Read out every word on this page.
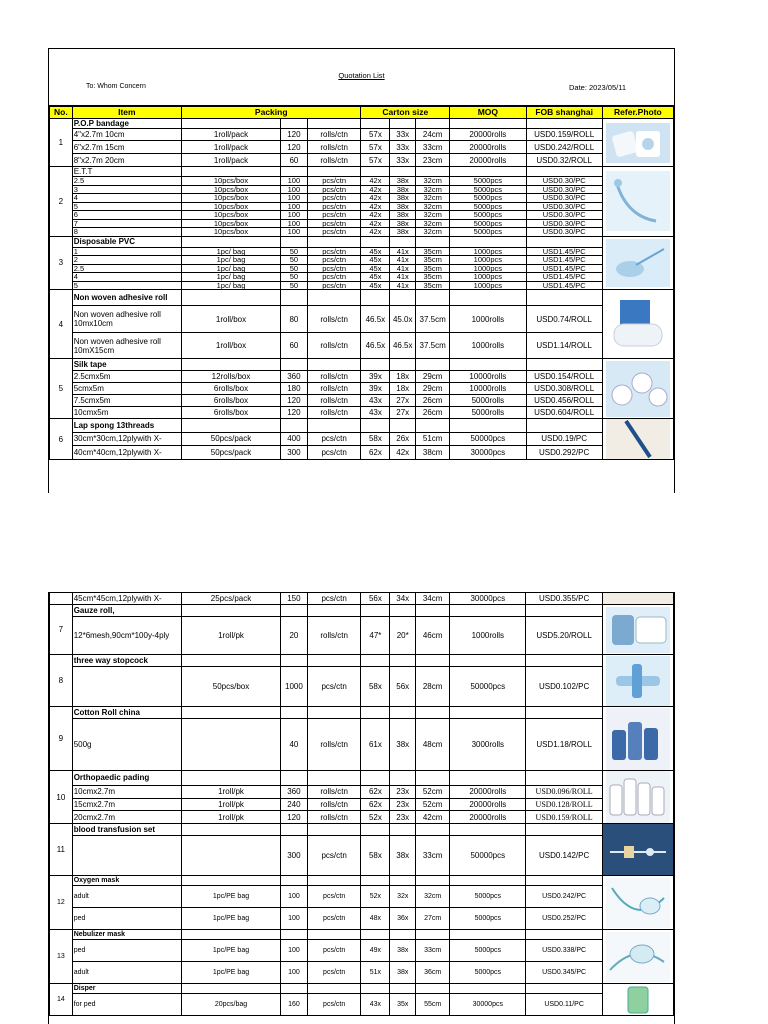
Quotation List
To: Whom Concern	Date: 2023/05/11
No.	Item	Packing			Carton size			MOQ	FOB shanghai	Refer.Photo
1	P.O.P bandage									

	4"x2.7m 10cm	1roll/pack	120	rolls/ctn	57x	33x	24cm	20000rolls	USD0.159/ROLL	
	6"x2.7m 15cm	1roll/pack	120	rolls/ctn	57x	33x	33cm	20000rolls	USD0.242/ROLL	
	8"x2.7m 20cm	1roll/pack	60	rolls/ctn	57x	33x	23cm	20000rolls	USD0.32/ROLL	
2	E.T.T									

	2.5	10pcs/box	100	pcs/ctn	42x	38x	32cm	5000pcs	USD0.30/PC	
	3	10pcs/box	100	pcs/ctn	42x	38x	32cm	5000pcs	USD0.30/PC	
	4	10pcs/box	100	pcs/ctn	42x	38x	32cm	5000pcs	USD0.30/PC	
	5	10pcs/box	100	pcs/ctn	42x	38x	32cm	5000pcs	USD0.30/PC	
	6	10pcs/box	100	pcs/ctn	42x	38x	32cm	5000pcs	USD0.30/PC	
	7	10pcs/box	100	pcs/ctn	42x	38x	32cm	5000pcs	USD0.30/PC	
	8	10pcs/box	100	pcs/ctn	42x	38x	32cm	5000pcs	USD0.30/PC	
3	Disposable PVC									

	1	1pc/ bag	50	pcs/ctn	45x	41x	35cm	1000pcs	USD1.45/PC	
	2	1pc/ bag	50	pcs/ctn	45x	41x	35cm	1000pcs	USD1.45/PC	
	2.5	1pc/ bag	50	pcs/ctn	45x	41x	35cm	1000pcs	USD1.45/PC	
	4	1pc/ bag	50	pcs/ctn	45x	41x	35cm	1000pcs	USD1.45/PC	
	5	1pc/ bag	50	pcs/ctn	45x	41x	35cm	1000pcs	USD1.45/PC	
4	Non woven adhesive roll									

	Non woven adhesive roll 10mx10cm	1roll/box	80	rolls/ctn	46.5x	45.0x	37.5cm	1000rolls	USD0.74/ROLL	
	Non woven adhesive roll 10mX15cm	1roll/box	60	rolls/ctn	46.5x	46.5x	37.5cm	1000rolls	USD1.14/ROLL	
5	Silk tape									

	2.5cmx5m	12rolls/box	360	rolls/ctn	39x	18x	29cm	10000rolls	USD0.154/ROLL	
	5cmx5m	6rolls/box	180	rolls/ctn	39x	18x	29cm	10000rolls	USD0.308/ROLL	
	7.5cmx5m	6rolls/box	120	rolls/ctn	43x	27x	26cm	5000rolls	USD0.456/ROLL	
	10cmx5m	6rolls/box	120	rolls/ctn	43x	27x	26cm	5000rolls	USD0.604/ROLL	
6	Lap spong 13threads									

	30cm*30cm,12plywith X-	50pcs/pack	400	pcs/ctn	58x	26x	51cm	50000pcs	USD0.19/PC	
	40cm*40cm,12plywith X-	50pcs/pack	300	pcs/ctn	62x	42x	38cm	30000pcs	USD0.292/PC	
	45cm*45cm,12plywith X-	25pcs/pack	150	pcs/ctn	56x	34x	34cm	30000pcs	USD0.355/PC	
7	Gauze roll,									

	12*6mesh,90cm*100y-4ply	1roll/pk	20	rolls/ctn	47*	20*	46cm	1000rolls	USD5.20/ROLL	
8	three way stopcock									

		50pcs/box	1000	pcs/ctn	58x	56x	28cm	50000pcs	USD0.102/PC	
9	Cotton Roll china									

	500g		40	rolls/ctn	61x	38x	48cm	3000rolls	USD1.18/ROLL	
10	Orthopaedic pading									

	10cmx2.7m	1roll/pk	360	rolls/ctn	62x	23x	52cm	20000rolls	USD0.096/ROLL	
	15cmx2.7m	1roll/pk	240	rolls/ctn	62x	23x	52cm	20000rolls	USD0.128/ROLL	
	20cmx2.7m	1roll/pk	120	rolls/ctn	52x	23x	42cm	20000rolls	USD0.159/ROLL	
11	blood transfusion set									

			300	pcs/ctn	58x	38x	33cm	50000pcs	USD0.142/PC	
12	Oxygen mask									

	adult	1pc/PE bag	100	pcs/ctn	52x	32x	32cm	5000pcs	USD0.242/PC	
	ped	1pc/PE bag	100	pcs/ctn	48x	36x	27cm	5000pcs	USD0.252/PC	
13	Nebulizer mask									

	ped	1pc/PE bag	100	pcs/ctn	49x	38x	33cm	5000pcs	USD0.338/PC	
	adult	1pc/PE bag	100	pcs/ctn	51x	38x	36cm	5000pcs	USD0.345/PC	
14	Disper									

	for ped	20pcs/bag	160	pcs/ctn	43x	35x	55cm	30000pcs	USD0.11/PC	
